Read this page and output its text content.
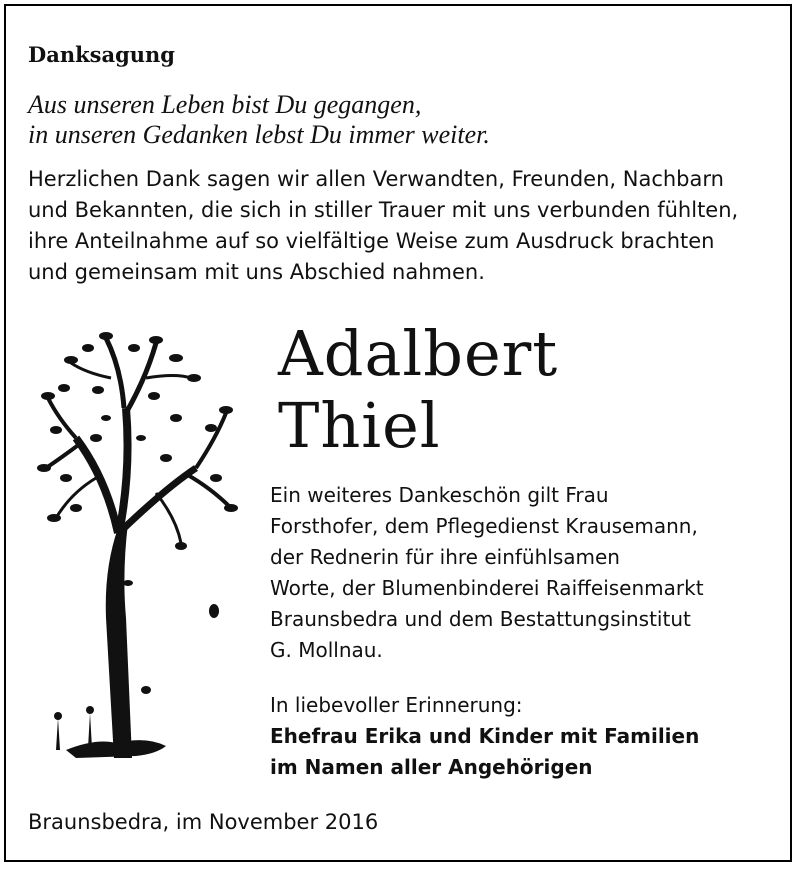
Danksagung
Aus unseren Leben bist Du gegangen,
in unseren Gedanken lebst Du immer weiter.
Herzlichen Dank sagen wir allen Verwandten, Freunden, Nachbarn
und Bekannten, die sich in stiller Trauer mit uns verbunden fühlten,
ihre Anteilnahme auf so vielfältige Weise zum Ausdruck brachten
und gemeinsam mit uns Abschied nahmen.
Adalbert
Thiel
Ein weiteres Dankeschön gilt Frau
Forsthofer, dem Pflegedienst Krausemann,
der Rednerin für ihre einfühlsamen
Worte, der Blumenbinderei Raiffeisenmarkt
Braunsbedra und dem Bestattungsinstitut
G. Mollnau.
In liebevoller Erinnerung:
Ehefrau Erika und Kinder mit Familien
im Namen aller Angehörigen
Braunsbedra, im November 2016
